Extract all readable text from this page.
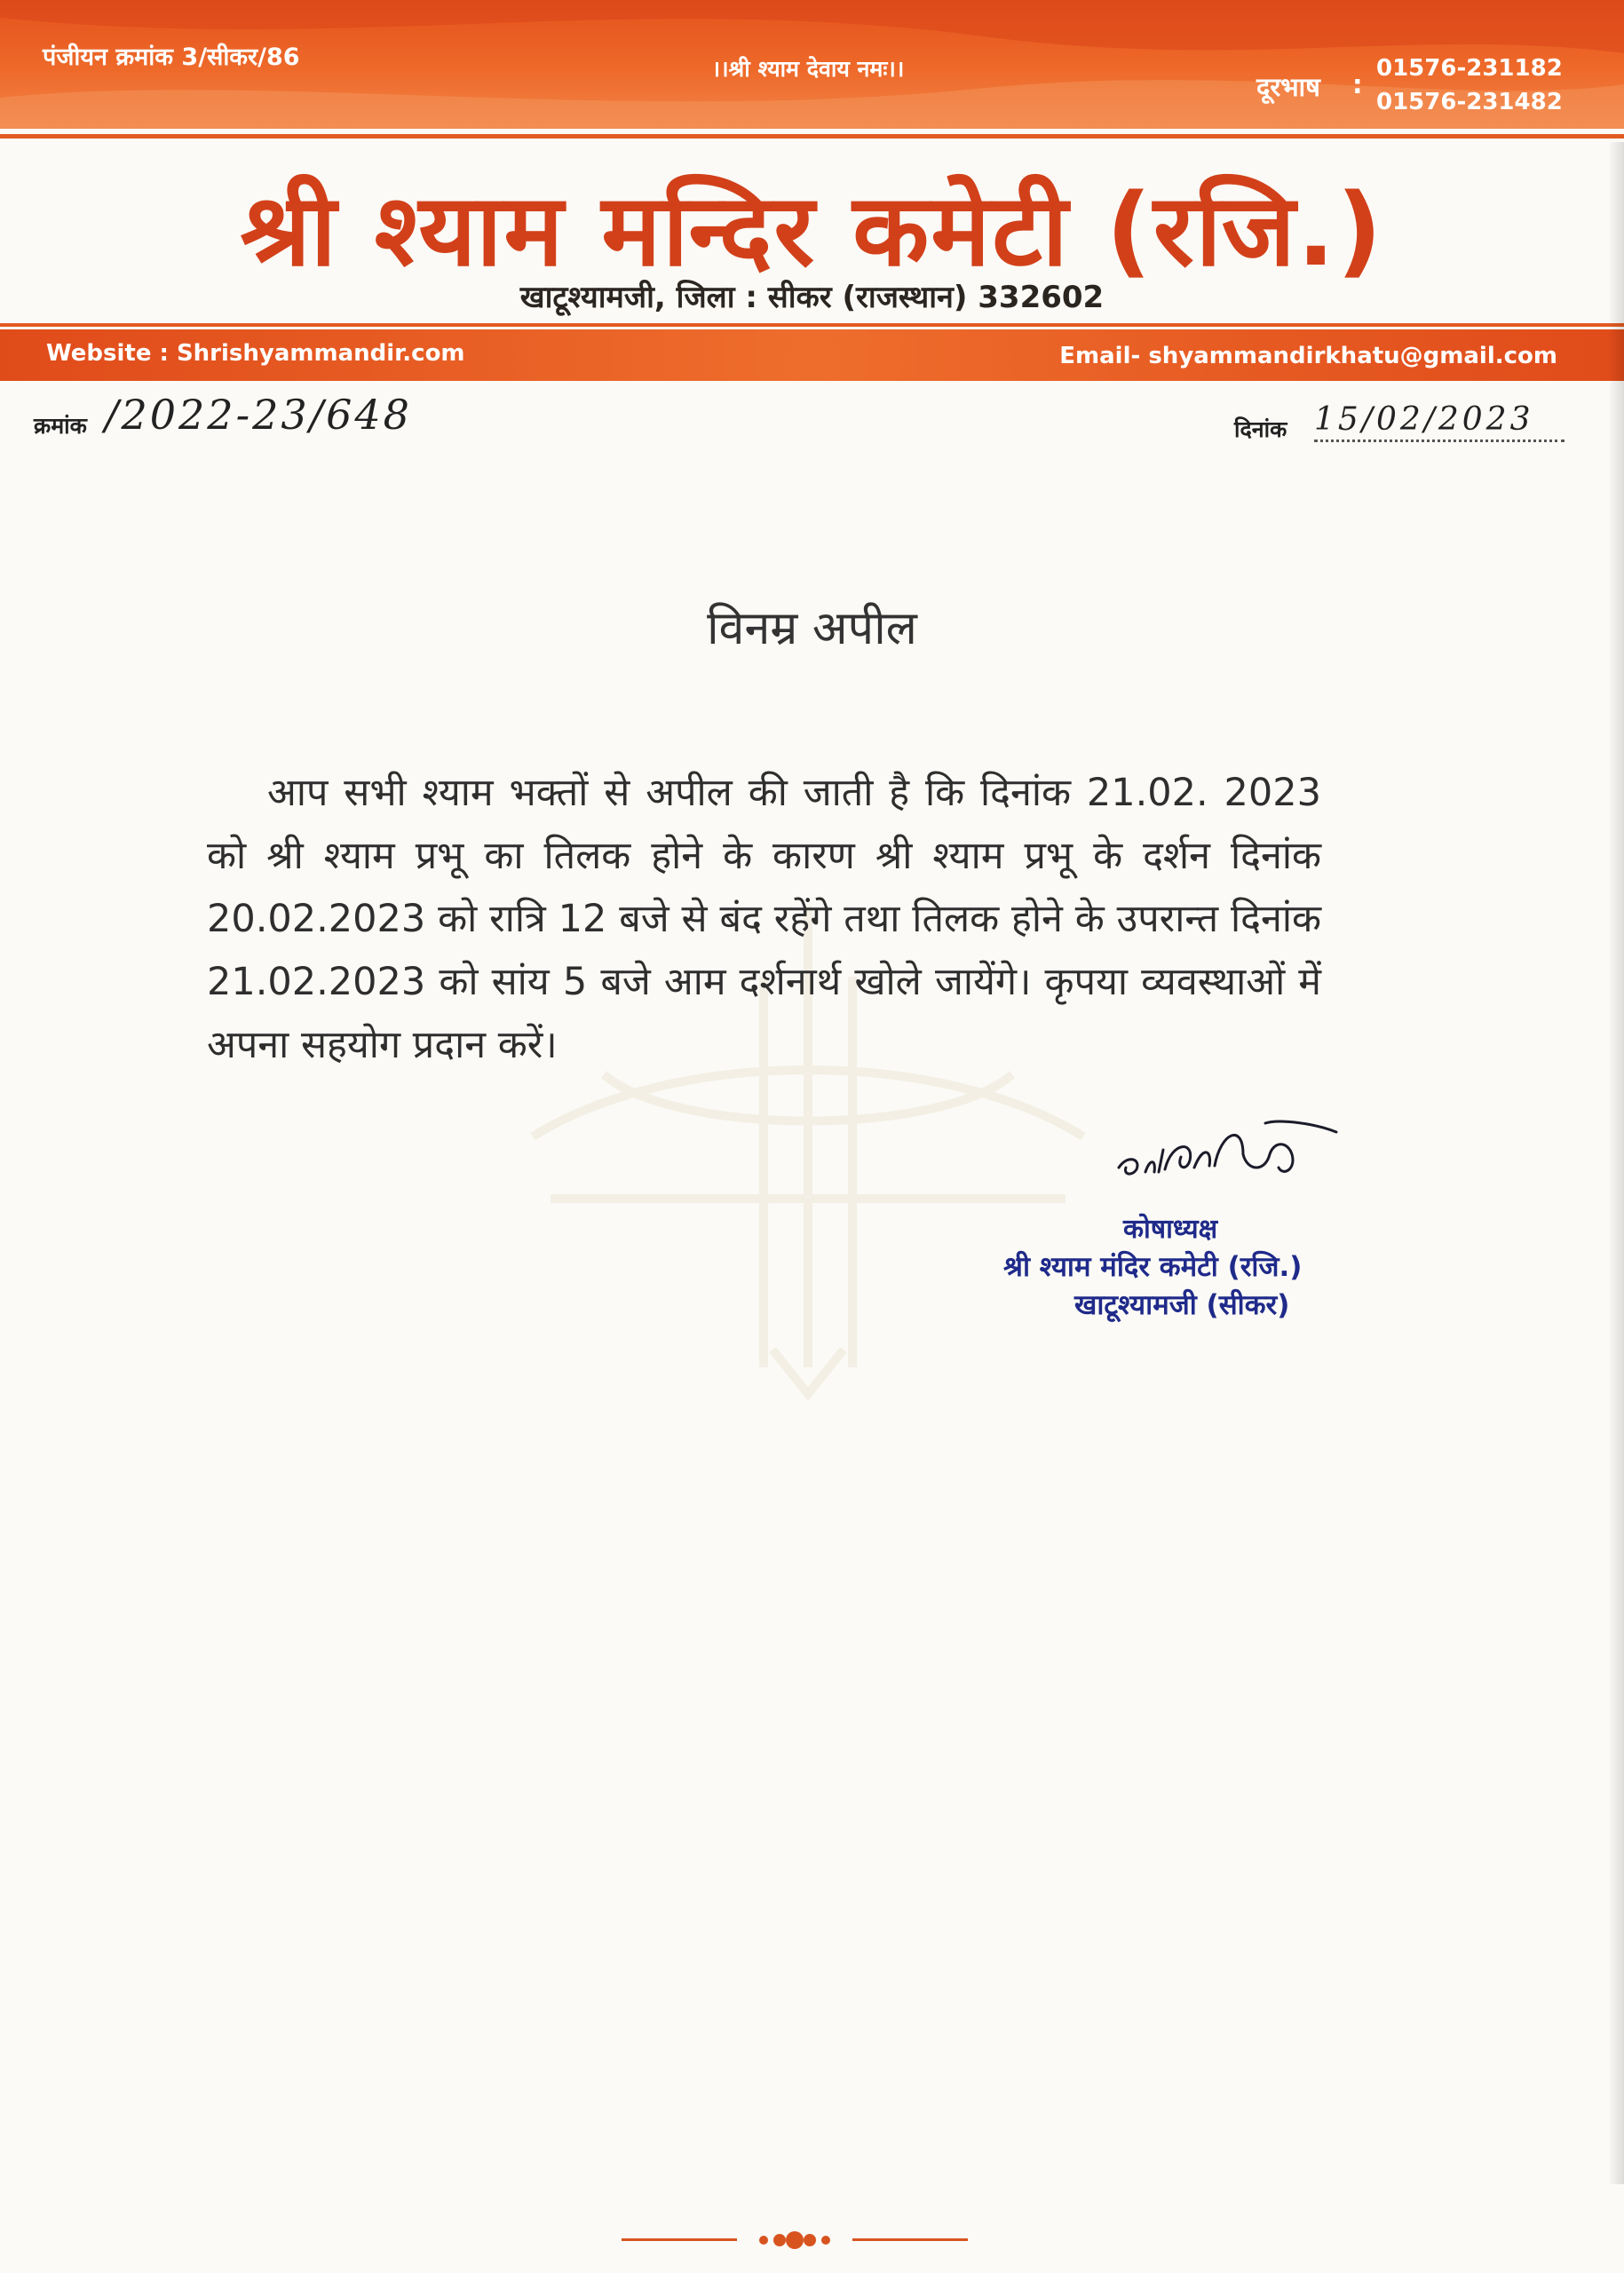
पंजीयन क्रमांक 3/सीकर/86	।।श्री श्याम देवाय नमः।।
दूरभाष :
01576-231182
01576-231482
श्री श्याम मन्दिर कमेटी (रजि.)
खाटूश्यामजी, जिला : सीकर (राजस्थान) 332602
Website : Shrishyammandir.com	Email- shyammandirkhatu@gmail.com
क्रमांक /2022-23/648	दिनांक 15/02/2023
विनम्र अपील

आप सभी श्याम भक्तों से अपील की जाती है कि दिनांक 21.02. 2023 को श्री श्याम प्रभू का तिलक होने के कारण श्री श्याम प्रभू के दर्शन दिनांक 20.02.2023 को रात्रि 12 बजे से बंद रहेंगे तथा तिलक होने के उपरान्त दिनांक 21.02.2023 को सांय 5 बजे आम दर्शनार्थ खोले जायेंगे। कृपया व्यवस्थाओं में अपना सहयोग प्रदान करें।

कोषाध्यक्ष
श्री श्याम मंदिर कमेटी (रजि.)
खाटूश्यामजी (सीकर)
